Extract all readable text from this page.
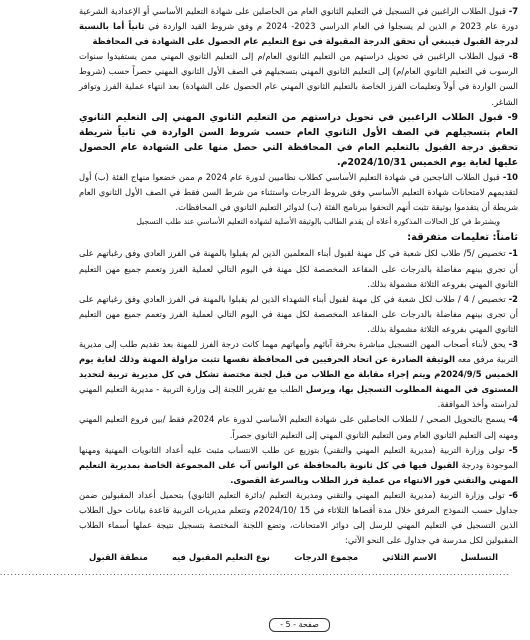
7- قبول الطلاب الراغبين في التسجيل في التعليم الثانوي العام من الحاصلين على شهادة التعليم الأساسي أو الإعدادية الشرعية دورة عام 2023 م الذين لم يسجلوا في العام الدراسي 2023- 2024 م وفق شروط القيد الواردة في ثانياً أما بالنسبة لدرجة القبول فينبغي أن تحقق الدرجة المقبولة في نوع التعليم عام الحصول على الشهادة في المحافظة

8- قبول الطلاب الراغبين في تحويل دراستهم من التعليم الثانوي العام/م إلى التعليم الثانوي المهني ممن يستفيدوا سنوات الرسوب في التعليم الثانوي العام/م) إلى التعليم الثانوي المهني بتسجيلهم في الصف الأول الثانوي المهني حصراً حسب (شروط السن الواردة في أولاً وتعليمات الفرز الخاصة بالتعليم الثانوي المهني عام الحصول على الشهادة) بعد انتهاء عملية الفرز وتوافر الشاغر.

9- قبول الطلاب الراغبين في تحويل دراستهم من التعليم الثانوي المهني إلى التعليم الثانوي العام بتسجيلهم في الصف الأول الثانوي العام حسب شروط السن الواردة في ثانياً شريطة تحقيق درجة القبول بالتعليم العام في المحافظة التي حصل منها على الشهادة عام الحصول عليها لغاية يوم الخميس 2024/10/31م.

10- قبول الطلاب الناجحين في شهادة التعليم الأساسي كطلاب نظاميين لدورة عام 2024 م ممن خضعوا منهاج الفئة (ب) أول لتقديمهم لامتحانات شهادة التعليم الأساسي وفق شروط الدرجات واستثناء من شرط السن فقط في الصف الأول الثانوي العام شريطة أن يتقدموا بوثيقة تثبت أنهم التحقوا ببرنامج الفئة (ب) لدوائر التعليم الثانوي في المحافظات.

ويشترط في كل الحالات المذكورة أعلاه أن يقدم الطالب بالوثيقة الأصلية لشهادة التعليم الأساسي عند طلب التسجيل

ثامناً: تعليمات متفرقة:

1- تخصيص /5/ طلاب لكل شعبة في كل مهنة لقبول أبناء المعلمين الذين لم يقبلوا بالمهنة في الفرز العادي وفق رغباتهم على أن تجري بينهم مفاضلة بالدرجات على المقاعد المخصصة لكل مهنة في اليوم التالي لعملية الفرز وتعمم جميع مهن التعليم الثانوي المهني بفروعه الثلاثة مشمولة بذلك.

2- تخصيص / 4 / طلاب لكل شعبة في كل مهنة لقبول أبناء الشهداء الذين لم يقبلوا بالمهنة في الفرز العادي وفق رغباتهم على أن تجرى بينهم مفاضلة بالدرجات على المقاعد المخصصة لكل مهنة في اليوم التالي لعملية الفرز وتعمم جميع مهن التعليم الثانوي المهني بفروعه الثلاثة مشمولة بذلك.

3- يحق لأبناء أصحاب المهن التسجيل مباشرة بحرفة آبائهم وأمهاتهم مهما كانت درجة الفرز للمهنة بعد تقديم طلب إلى مديرية التربية مرفق معه الوثيقة الصادرة عن اتحاد الحرفيين في المحافظة نفسها تثبت مزاولة المهنة وذلك لغاية يوم الخميس 2024/9/5م ويتم إجراء مقابلة مع الطلاب من قبل لجنة مختصة تشكل في كل مديرية تربية لتحديد المستوى في المهنة المطلوب التسجيل بها، ويرسل الطلب مع تقرير اللجنة إلى وزارة التربية - مديرية التعليم المهني لدراسته وأخذ الموافقة.

4- يسمح بالتحويل الصحي / للطلاب الحاصلين على شهادة التعليم الأساسي لدورة عام 2024م فقط /بين فروع التعليم المهني ومهنه إلى التعليم الثانوي العام ومن التعليم الثانوي المهني إلى التعليم الثانوي حصراً.

5- تولى وزارة التربية (مديرية التعليم المهني والتقني) بتوزيع عن طلب الانتساب مثبت عليه أعداد الثانويات المهنية ومهنها الموجودة ودرجة القبول فيها في كل ثانوية بالمحافظة عن الواتس آب على المجموعة الخاصة بمديرية التعليم المهني والتقني فور الانتهاء من عملية فرز الطلاب وبالسرعة القصوى.

6- تولى وزارة التربية (مديرية التعليم المهني والتقني ومديرية التعليم /دائرة التعليم الثانوي) بتحميل أعداد المقبولين ضمن جداول حسب النموذج المرفق خلال مدة أقصاها الثلاثاء في 15 /2024/10م وتتعلم مديريات التربية قاعدة بيانات حول الطلاب الذين التسجيل في التعليم المهني للرسل إلى دوائر الامتحانات، وتضع اللجنة المختصة بتسجيل نتيجة عملها أسماء الطلاب المقبولين لكل مدرسة في جداول على النحو الآتي:

التسلسل
الاسم الثلاثي
مجموع الدرجات
نوع التعليم المقبول فيه
منطقة القبول
................................................................................................................................................
صفحة - 5 -
